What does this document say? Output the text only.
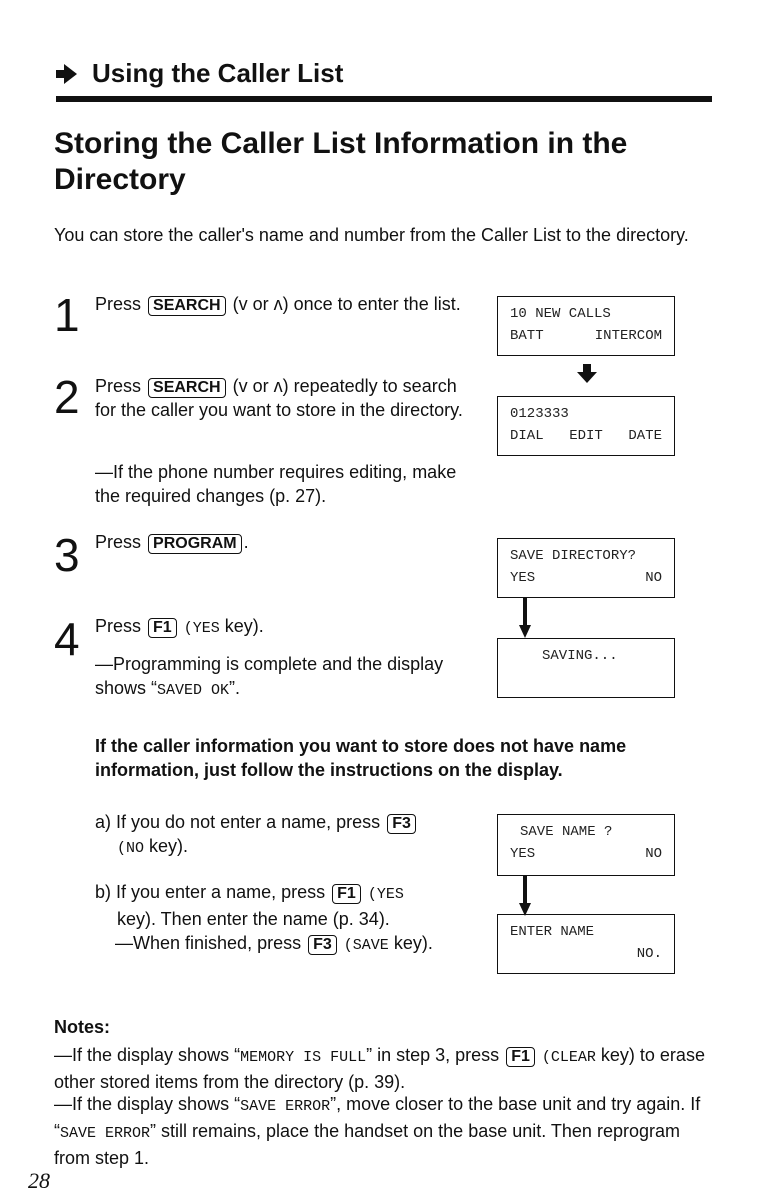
Using the Caller List
Storing the Caller List Information in the Directory
You can store the caller's name and number from the Caller List to the directory.
1 Press SEARCH (v or ʌ) once to enter the list.
2 Press SEARCH (v or ʌ) repeatedly to search for the caller you want to store in the directory.
—If the phone number requires editing, make the required changes (p. 27).
3 Press PROGRAM .
4 Press F1 (YES key).
—Programming is complete and the display shows “SAVED OK”.
10 NEW CALLS
BATT	INTERCOM
0123333
DIAL EDIT DATE
SAVE DIRECTORY?
YES	NO
SAVING...
If the caller information you want to store does not have name information, just follow the instructions on the display.
a) If you do not enter a name, press F3
(NO key).
b) If you enter a name, press F1 (YES
key). Then enter the name (p. 34).
—When finished, press F3 (SAVE key).
SAVE NAME ?
YES	NO
ENTER NAME
NO.
Notes:
—If the display shows “MEMORY IS FULL” in step 3, press F1 (CLEAR key) to erase other stored items from the directory (p. 39).
—If the display shows “SAVE ERROR”, move closer to the base unit and try again. If “SAVE ERROR” still remains, place the handset on the base unit. Then reprogram from step 1.
28
